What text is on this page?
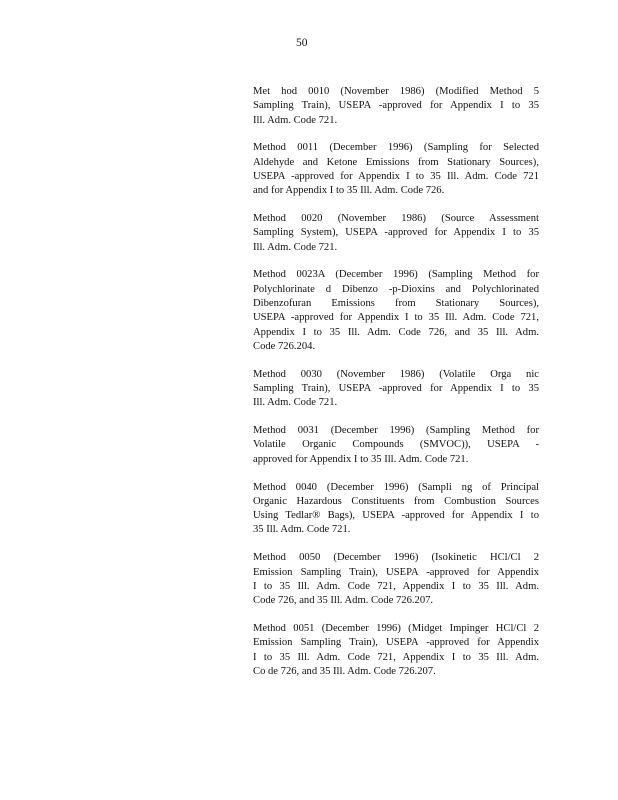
50
Met hod 0010 (November 1986) (Modified Method 5
Sampling Train), USEPA -approved for Appendix I to 35
Ill. Adm. Code 721.
Method 0011 (December 1996) (Sampling for Selected
Aldehyde and Ketone Emissions from Stationary Sources),
USEPA -approved for Appendix I to 35 Ill. Adm. Code 721
and for Appendix I to 35 Ill. Adm. Code 726.
Method 0020 (November 1986) (Source Assessment
Sampling System), USEPA -approved for Appendix I to 35
Ill. Adm. Code 721.
Method 0023A (December 1996) (Sampling Method for
Polychlorinate d Dibenzo -p-Dioxins and Polychlorinated
Dibenzofuran Emissions from Stationary Sources),
USEPA -approved for Appendix I to 35 Ill. Adm. Code 721,
Appendix I to 35 Ill. Adm. Code 726, and 35 Ill. Adm.
Code 726.204.
Method 0030 (November 1986) (Volatile Orga nic
Sampling Train), USEPA -approved for Appendix I to 35
Ill. Adm. Code 721.
Method 0031 (December 1996) (Sampling Method for
Volatile Organic Compounds (SMVOC)), USEPA -
approved for Appendix I to 35 Ill. Adm. Code 721.
Method 0040 (December 1996) (Sampli ng of Principal
Organic Hazardous Constituents from Combustion Sources
Using Tedlar® Bags), USEPA -approved for Appendix I to
35 Ill. Adm. Code 721.
Method 0050 (December 1996) (Isokinetic HCl/Cl 2
Emission Sampling Train), USEPA -approved for Appendix
I to 35 Ill. Adm. Code 721, Appendix I to 35 Ill. Adm.
Code 726, and 35 Ill. Adm. Code 726.207.
Method 0051 (December 1996) (Midget Impinger HCl/Cl 2
Emission Sampling Train), USEPA -approved for Appendix
I to 35 Ill. Adm. Code 721, Appendix I to 35 Ill. Adm.
Co de 726, and 35 Ill. Adm. Code 726.207.
